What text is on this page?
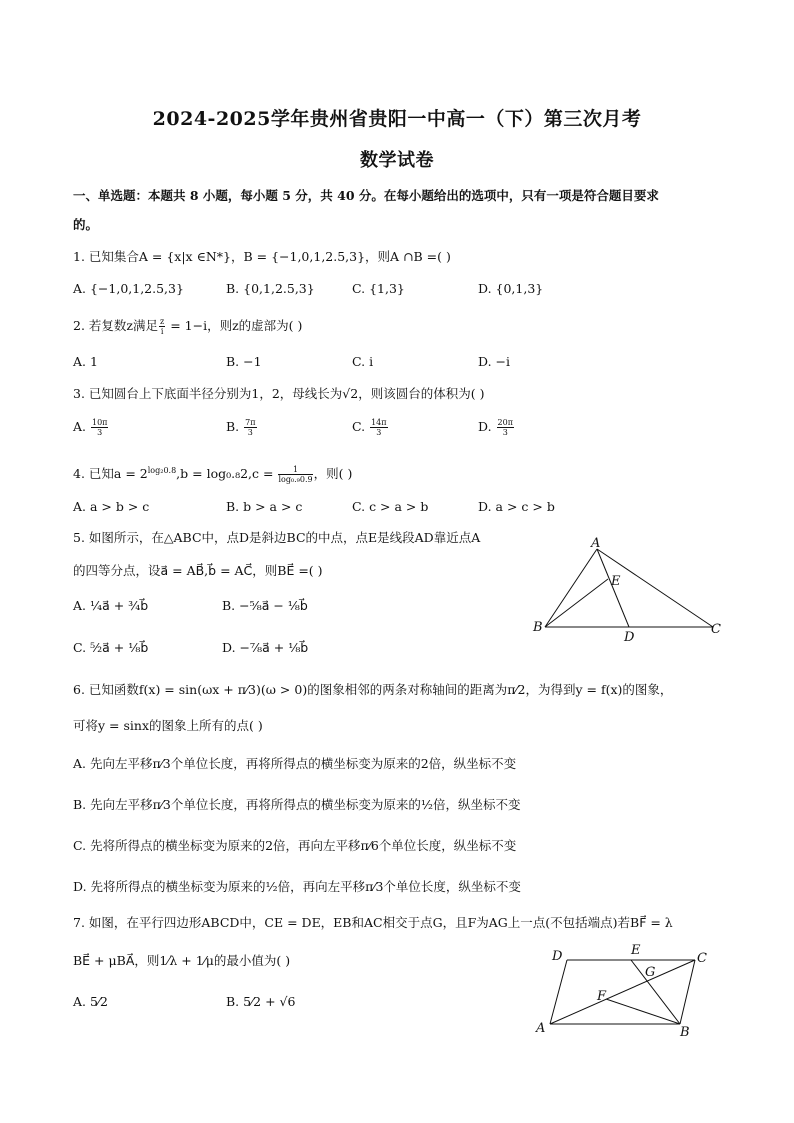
2024-2025学年贵州省贵阳一中高一（下）第三次月考
数学试卷
一、单选题：本题共 8 小题，每小题 5 分，共 40 分。在每小题给出的选项中，只有一项是符合题目要求
的。
1. 已知集合A = {x|x ∈N*}，B = {−1,0,1,2.5,3}，则A ∩B =( )
A. {−1,0,1,2.5,3}	B. {0,1,2.5,3}	C. {1,3}	D. {0,1,3}
2. 若复数z满足 $\frac{z}{i} = 1-i$，则z的虚部为( )
A. 1	B. −1	C. i	D. −i
3. 已知圆台上下底面半径分别为1，2，母线长为√2，则该圆台的体积为( )
A. $\frac{10\pi}{3}$	B. $\frac{7\pi}{3}$	C. $\frac{14\pi}{3}$	D. $\frac{20\pi}{3}$
4. 已知$a = 2^{log_20.8},b = \log_0._82,c = \frac{1}{\text{log₀.₉0.9}}$ ，则( )
A. a > b > c	B. b > a > c	C. c > a > b	D. a > c > b
5. 如图所示，在△ABC中，点D是斜边BC的中点，点E是线段AD靠近点A
的四等分点，设a⃗ = AB⃗,b⃗ = AC⃗，则BE⃗ =( )
A. ¼a⃗ + ¾b⃗	B. −⅝a⃗ − ⅛b⃗
C. ⁵⁄₂a⃗ + ⅛b⃗	D. −⅞a⃗ + ⅛b⃗
A
E
B
D
C
6. 已知函数f(x) = sin(ωx + π⁄3)(ω > 0)的图象相邻的两条对称轴间的距离为π⁄2，为得到y = f(x)的图象，
可将y = sinx的图象上所有的点( )
A. 先向左平移π⁄3个单位长度，再将所得点的横坐标变为原来的2倍，纵坐标不变
B. 先向左平移π⁄3个单位长度，再将所得点的横坐标变为原来的½倍，纵坐标不变
C. 先将所得点的横坐标变为原来的2倍，再向左平移π⁄6个单位长度，纵坐标不变
D. 先将所得点的横坐标变为原来的½倍，再向左平移π⁄3个单位长度，纵坐标不变
7. 如图，在平行四边形ABCD中，CE = DE，EB和AC相交于点G，且F为AG上一点(不包括端点)若BF⃗ = λ
BE⃗ + μBA⃗，则1⁄λ + 1⁄μ的最小值为( )
A. 5⁄2	B. 5⁄2 + √6
D	E
C
G
F
A	B
